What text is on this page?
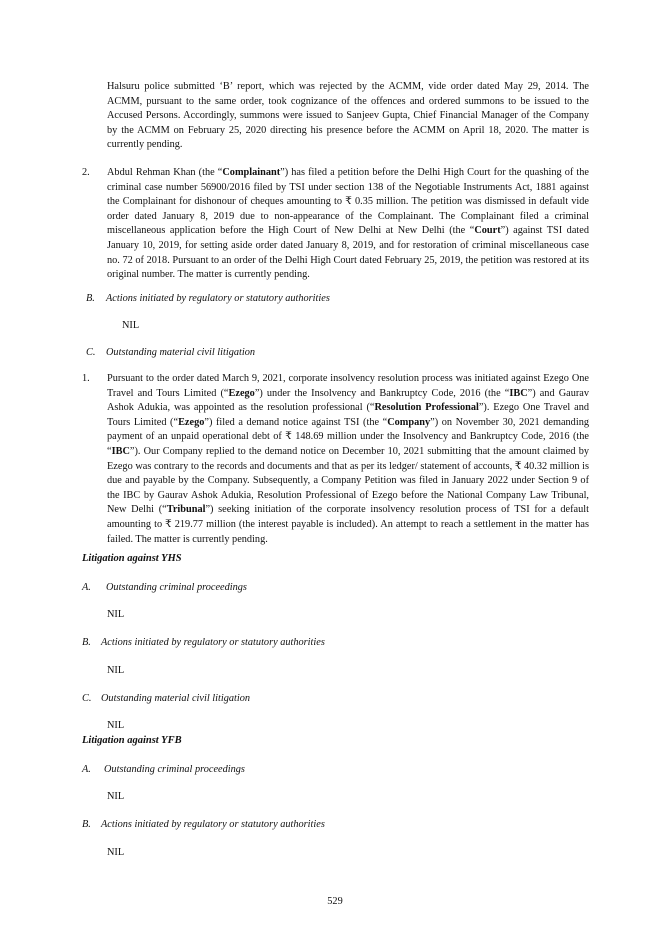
Halsuru police submitted ‘B’ report, which was rejected by the ACMM, vide order dated May 29, 2014. The ACMM, pursuant to the same order, took cognizance of the offences and ordered summons to be issued to the Accused Persons. Accordingly, summons were issued to Sanjeev Gupta, Chief Financial Manager of the Company by the ACMM on February 25, 2020 directing his presence before the ACMM on April 18, 2020. The matter is currently pending.

2. Abdul Rehman Khan (the “Complainant”) has filed a petition before the Delhi High Court for the quashing of the criminal case number 56900/2016 filed by TSI under section 138 of the Negotiable Instruments Act, 1881 against the Complainant for dishonour of cheques amounting to ₹ 0.35 million. The petition was dismissed in default vide order dated January 8, 2019 due to non-appearance of the Complainant. The Complainant filed a criminal miscellaneous application before the High Court of New Delhi at New Delhi (the “Court”) against TSI dated January 10, 2019, for setting aside order dated January 8, 2019, and for restoration of criminal miscellaneous case no. 72 of 2018. Pursuant to an order of the Delhi High Court dated February 25, 2019, the petition was restored at its original number. The matter is currently pending.

B. Actions initiated by regulatory or statutory authorities
NIL
C. Outstanding material civil litigation
1. Pursuant to the order dated March 9, 2021, corporate insolvency resolution process was initiated against Ezego One Travel and Tours Limited (“Ezego”) under the Insolvency and Bankruptcy Code, 2016 (the “IBC”) and Gaurav Ashok Adukia, was appointed as the resolution professional (“Resolution Professional”). Ezego One Travel and Tours Limited (“Ezego”) filed a demand notice against TSI (the “Company”) on November 30, 2021 demanding payment of an unpaid operational debt of ₹ 148.69 million under the Insolvency and Bankruptcy Code, 2016 (the “IBC”). Our Company replied to the demand notice on December 10, 2021 submitting that the amount claimed by Ezego was contrary to the records and documents and that as per its ledger/ statement of accounts, ₹ 40.32 million is due and payable by the Company. Subsequently, a Company Petition was filed in January 2022 under Section 9 of the IBC by Gaurav Ashok Adukia, Resolution Professional of Ezego before the National Company Law Tribunal, New Delhi (“Tribunal”) seeking initiation of the corporate insolvency resolution process of TSI for a default amounting to ₹ 219.77 million (the interest payable is included). An attempt to reach a settlement in the matter has failed. The matter is currently pending.

Litigation against YHS
A. Outstanding criminal proceedings
NIL
B. Actions initiated by regulatory or statutory authorities
NIL
C. Outstanding material civil litigation
NIL
Litigation against YFB
A. Outstanding criminal proceedings
NIL
B. Actions initiated by regulatory or statutory authorities
NIL
529
